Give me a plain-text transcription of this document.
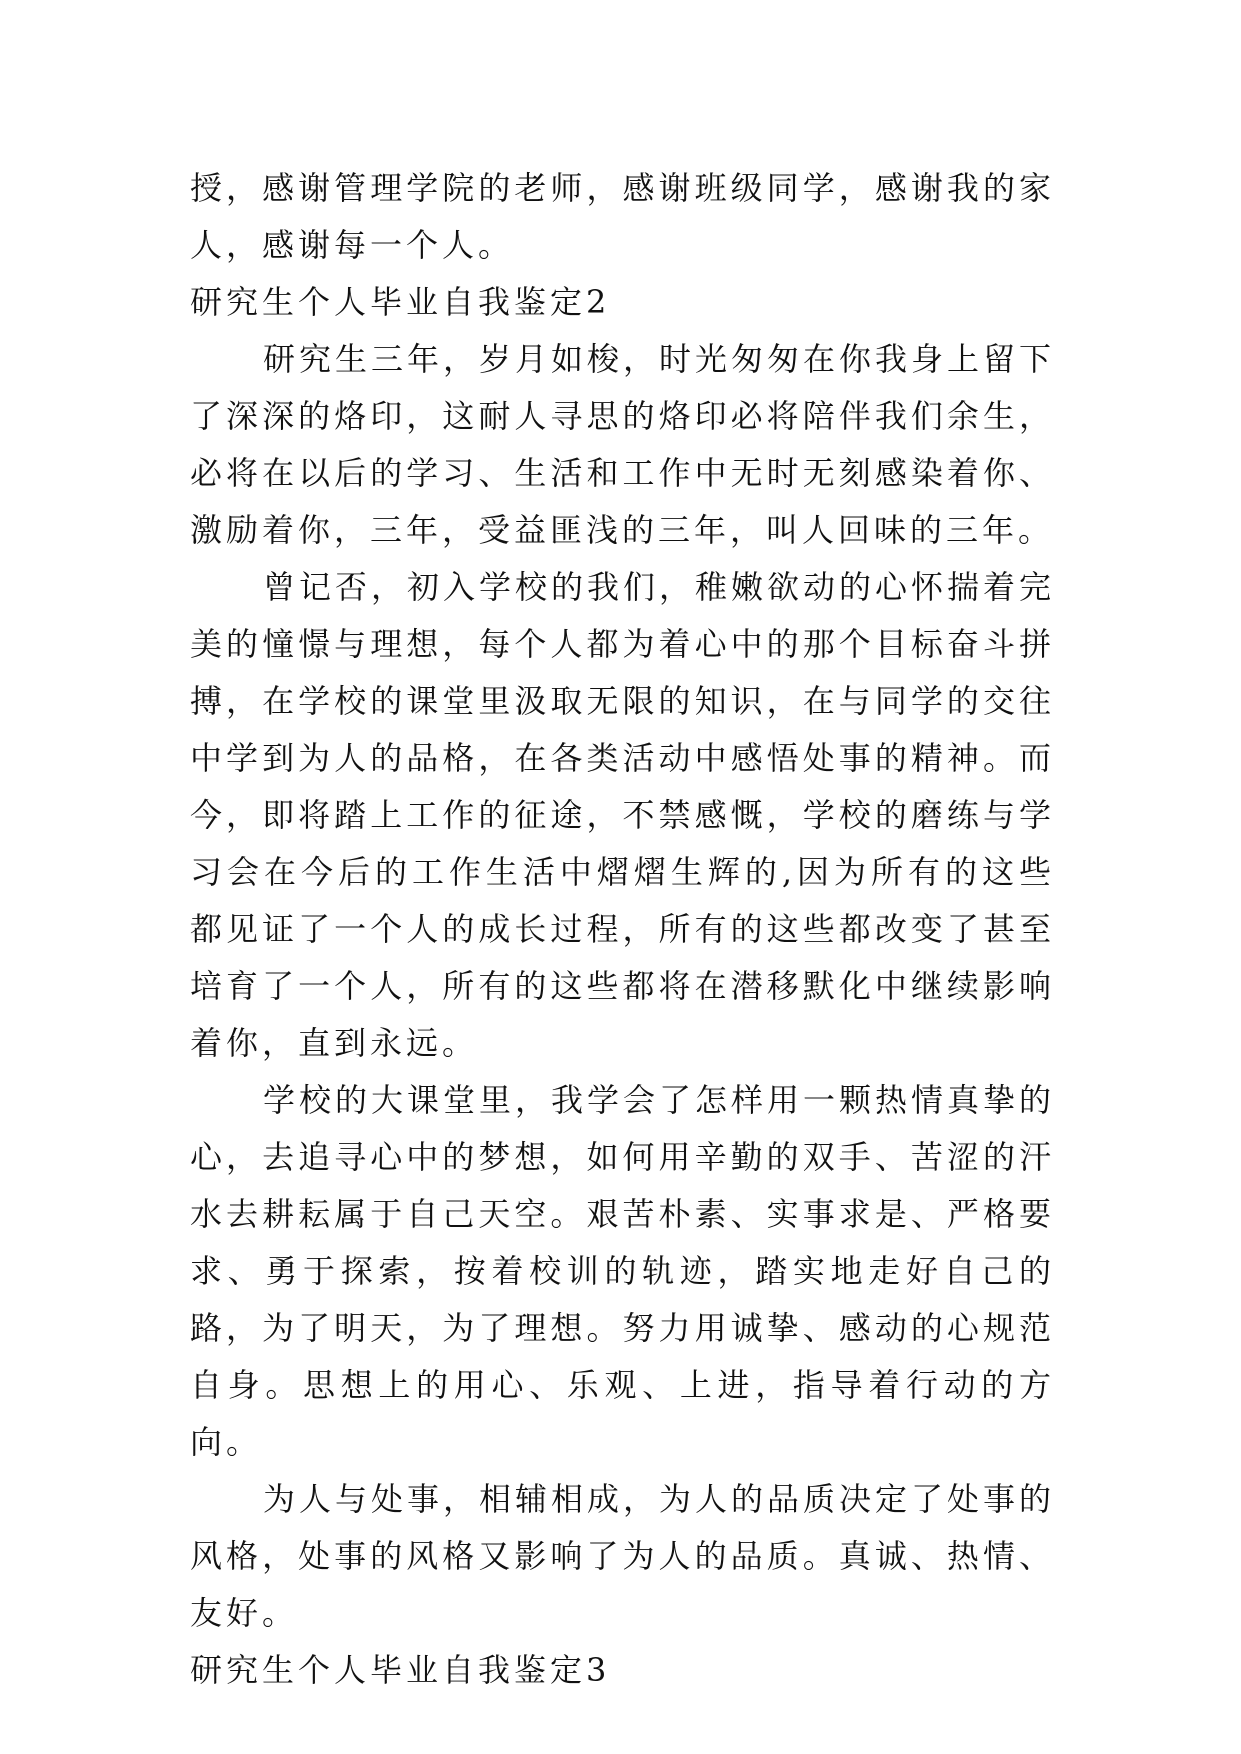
授，感谢管理学院的老师，感谢班级同学，感谢我的家人，感谢每一个人。

研究生个人毕业自我鉴定2

研究生三年，岁月如梭，时光匆匆在你我身上留下了深深的烙印，这耐人寻思的烙印必将陪伴我们余生，必将在以后的学习、生活和工作中无时无刻感染着你、激励着你，三年，受益匪浅的三年，叫人回味的三年。

曾记否，初入学校的我们，稚嫩欲动的心怀揣着完美的憧憬与理想，每个人都为着心中的那个目标奋斗拼搏，在学校的课堂里汲取无限的知识，在与同学的交往中学到为人的品格，在各类活动中感悟处事的精神。而今，即将踏上工作的征途，不禁感慨，学校的磨练与学习会在今后的工作生活中熠熠生辉的,因为所有的这些都见证了一个人的成长过程，所有的这些都改变了甚至培育了一个人，所有的这些都将在潜移默化中继续影响着你，直到永远。

学校的大课堂里，我学会了怎样用一颗热情真挚的心，去追寻心中的梦想，如何用辛勤的双手、苦涩的汗水去耕耘属于自己天空。艰苦朴素、实事求是、严格要求、勇于探索，按着校训的轨迹，踏实地走好自己的路，为了明天，为了理想。努力用诚挚、感动的心规范自身。思想上的用心、乐观、上进，指导着行动的方向。

为人与处事，相辅相成，为人的品质决定了处事的风格，处事的风格又影响了为人的品质。真诚、热情、友好。

研究生个人毕业自我鉴定3
